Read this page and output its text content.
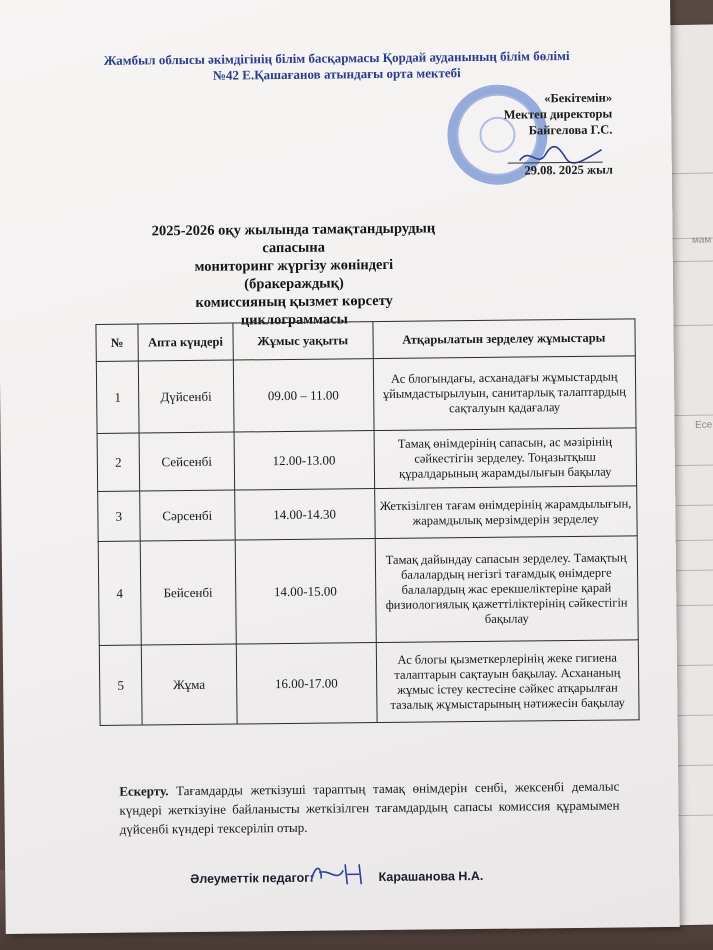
мам
Есе
Жамбыл облысы әкімдігінің білім басқармасы Қордай ауданының білім бөлімі
№42 Е.Қашағанов атындағы орта мектебі
«Бекітемін»
Мектеп директоры
Байгелова Г.С.
29.08. 2025 жыл
2025-2026 оқу жылында тамақтандырудың сапасына
мониторинг жүргізу жөніндегі (бракераждық)
комиссияның қызмет көрсету
циклограммасы
№	Апта күндері	Жұмыс уақыты	Атқарылатын зерделеу жұмыстары
1	Дүйсенбі	09.00 – 11.00	Ас блогындағы, асханадағы жұмыстардың ұйымдастырылуын, санитарлық талаптардың сақталуын қадағалау
2	Сейсенбі	12.00-13.00	Тамақ өнімдерінің сапасын, ас мәзірінің сәйкестігін зерделеу. Тоңазытқыш құралдарының жарамдылығын бақылау
3	Сәрсенбі	14.00-14.30	Жеткізілген тағам өнімдерінің жарамдылығын, жарамдылық мерзімдерін зерделеу
4	Бейсенбі	14.00-15.00	Тамақ дайындау сапасын зерделеу. Тамақтың балалардың негізгі тағамдық өнімдерге балалардың жас ерекшеліктеріне қарай физиологиялық қажеттіліктерінің сәйкестігін бақылау
5	Жұма	16.00-17.00	Ас блогы қызметкерлерінің жеке гигиена талаптарын сақтауын бақылау. Асхананың жұмыс істеу кестесіне сәйкес атқарылған тазалық жұмыстарының нәтижесін бақылау
Ескерту. Тағамдарды жеткізуші тараптың тамақ өнімдерін сенбі, жексенбі демалыс күндері жеткізуіне байланысты жеткізілген тағамдардың сапасы комиссия құрамымен дүйсенбі күндері тексеріліп отыр.
Әлеуметтік педагог:	Карашанова Н.А.
